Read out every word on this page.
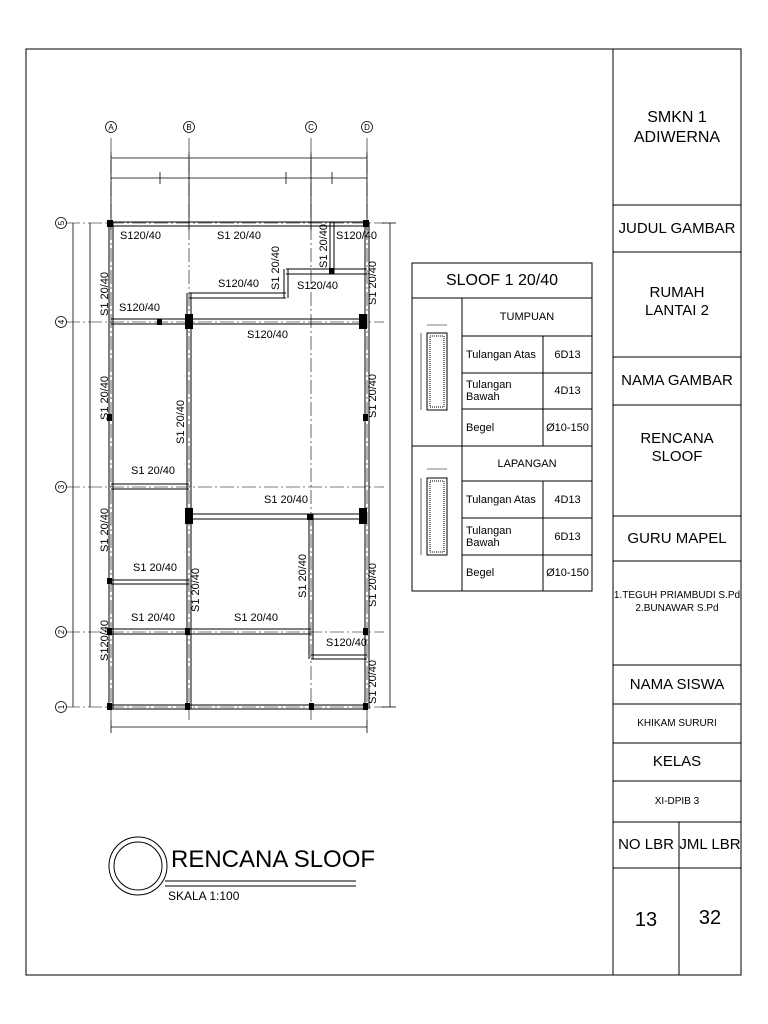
SMKN 1
ADIWERNA
JUDUL GAMBAR
RUMAH
LANTAI 2
NAMA GAMBAR
RENCANA
SLOOF
GURU MAPEL
1.TEGUH PRIAMBUDI S.Pd
2.BUNAWAR S.Pd
NAMA SISWA
KHIKAM SURURI
KELAS
XI-DPIB 3
NO LBR JML LBR
13	32
SLOOF 1 20/40
TUMPUAN
LAPANGAN
Tulangan Atas	6D13
Tulangan Bawah	4D13
Begel	Ø10-150
Tulangan Atas	4D13
Tulangan Bawah	6D13
Begel	Ø10-150
A	B	C	D
5
4
3
2
1
S120/40	S1 20/40
S120/40
S120/40
S120/40	S120/40
S120/40
S1 20/40
S1 20/40
S1 20/40
S1 20/40	S1 20/40
S120/40
S1 20/40
S1 20/40
S1 20/40	S1 20/40
S1 20/40
S1 20/40
S1 20/40
S1 20/40
S1 20/40	S1 20/40	S1 20/40
S120/40
S1 20/40
RENCANA SLOOF
SKALA 1:100
